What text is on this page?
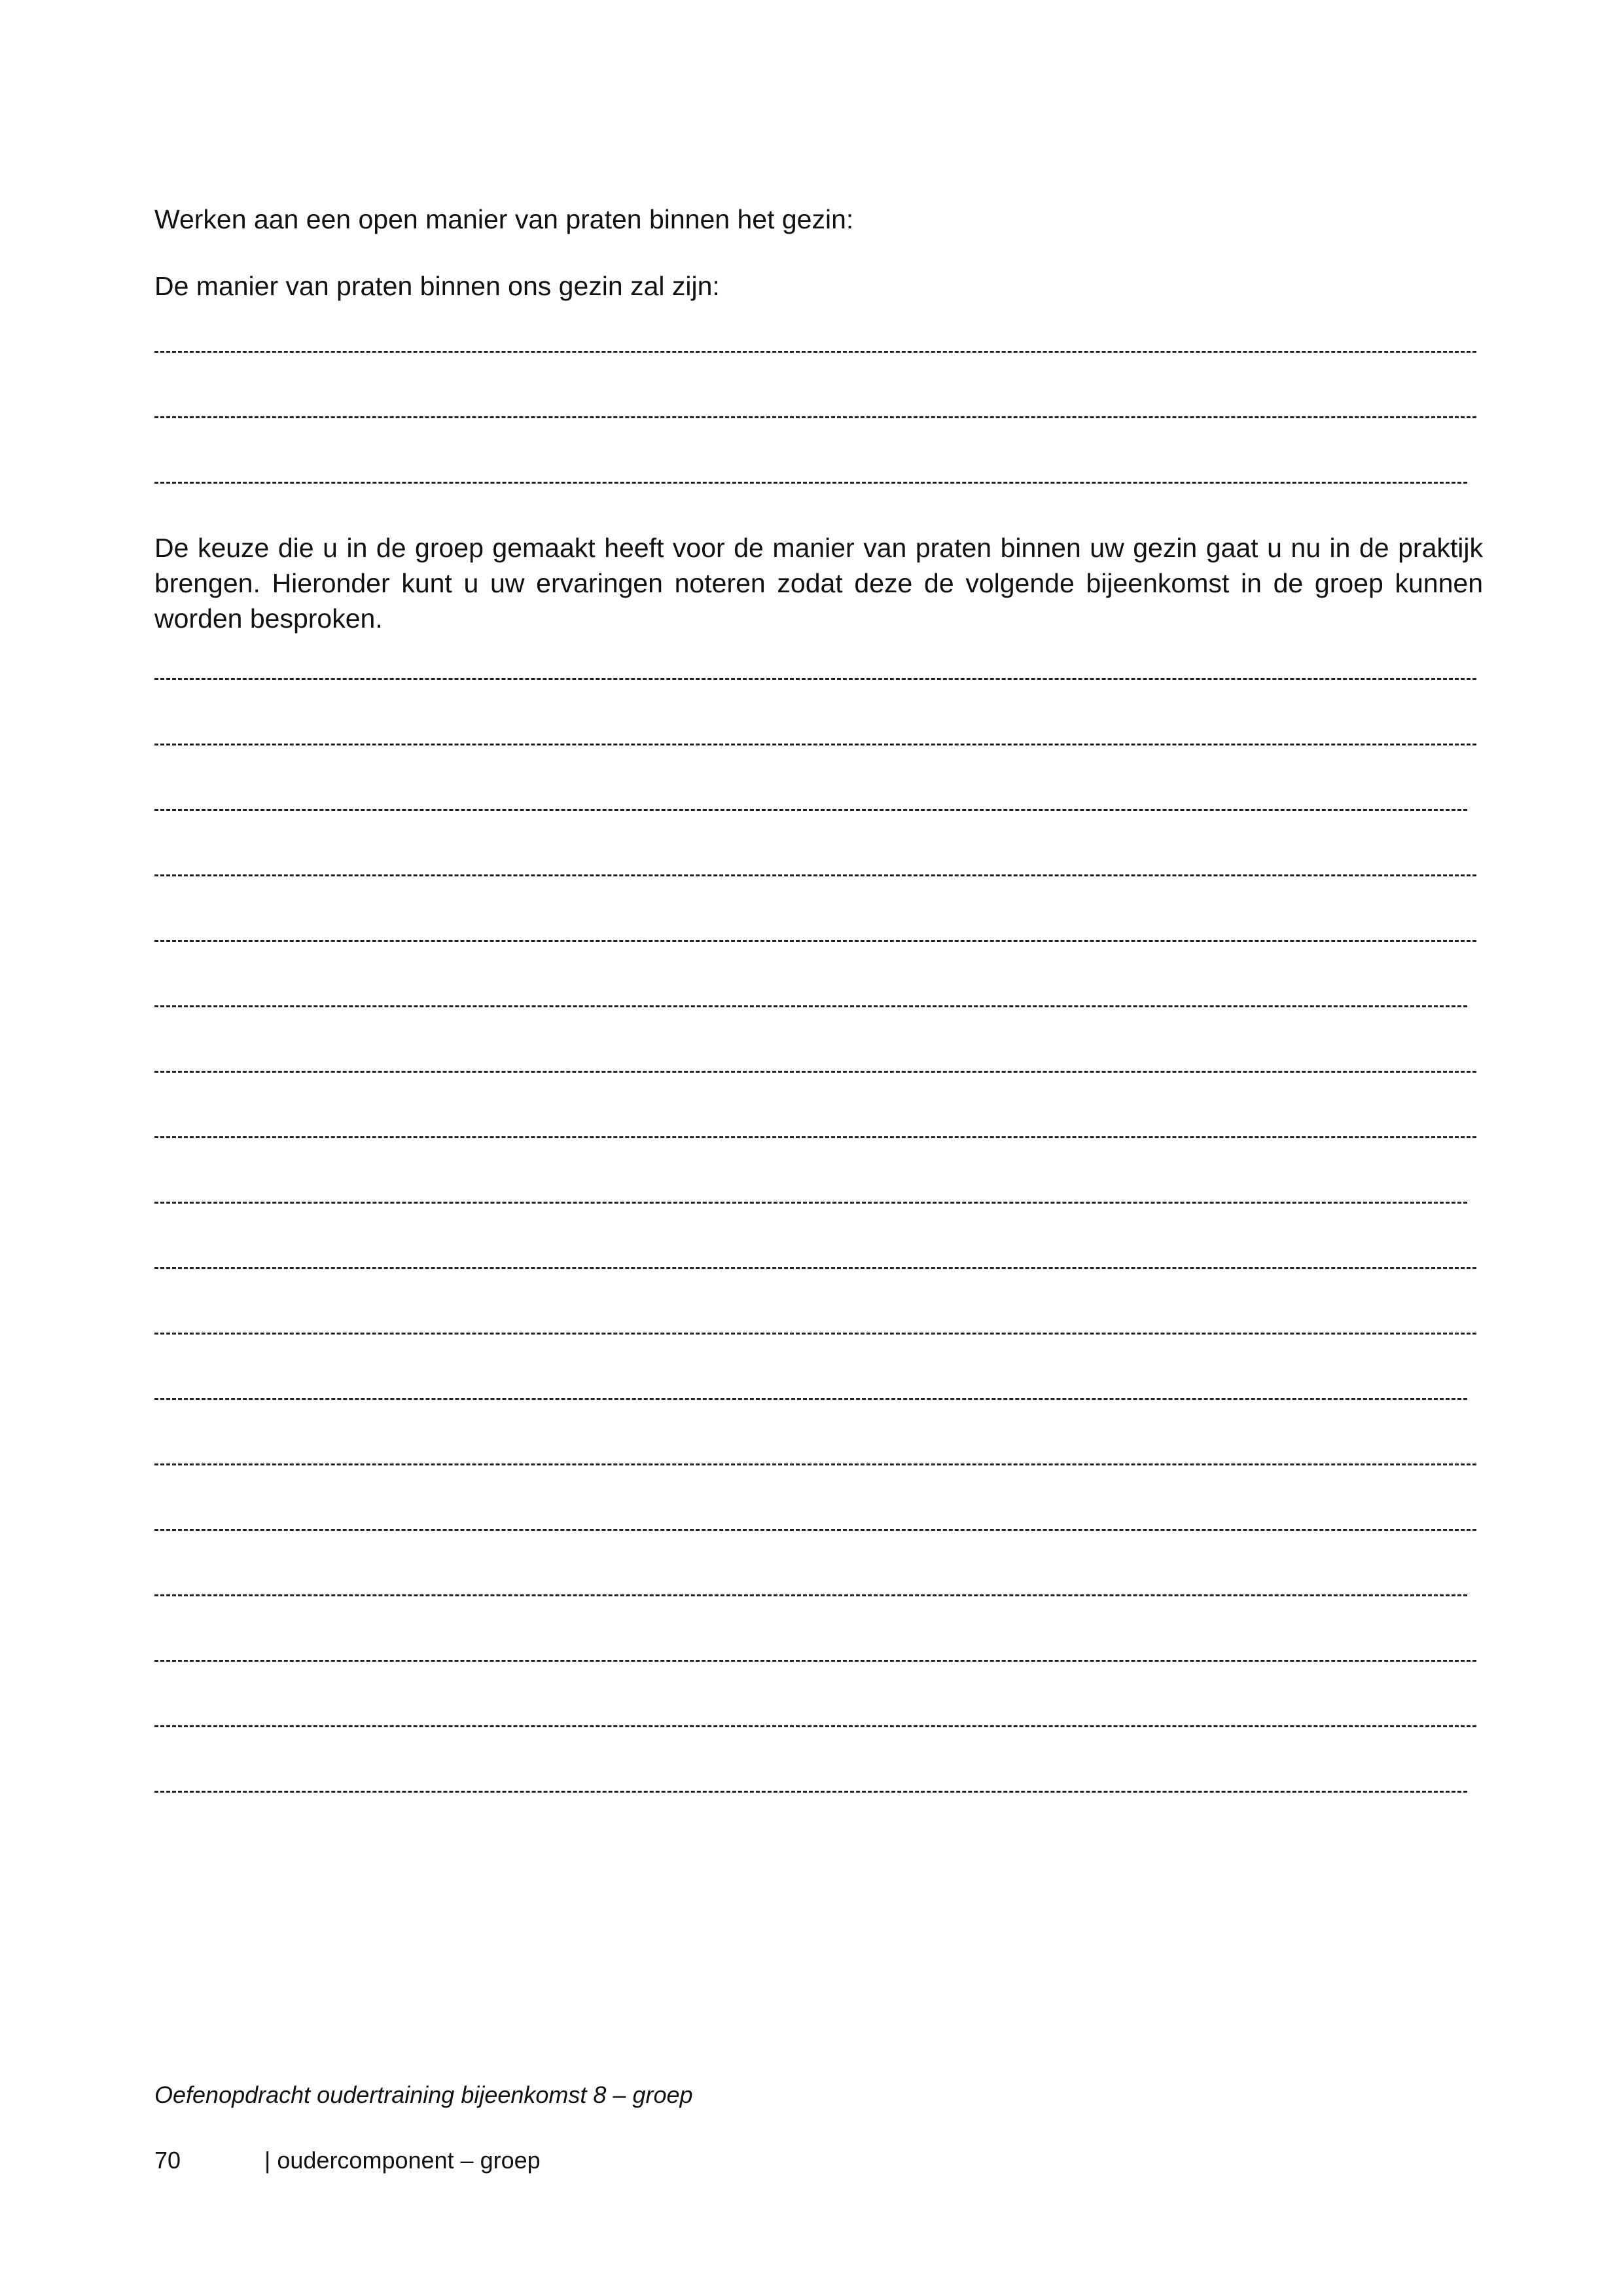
Werken aan een open manier van praten binnen het gezin:

De manier van praten binnen ons gezin zal zijn:

De keuze die u in de groep gemaakt heeft voor de manier van praten binnen uw gezin gaat u nu in de praktijk brengen. Hieronder kunt u uw ervaringen noteren zodat deze de volgende bijeenkomst in de groep kunnen worden besproken.

Oefenopdracht oudertraining bijeenkomst 8 – groep

70	| oudercomponent – groep
